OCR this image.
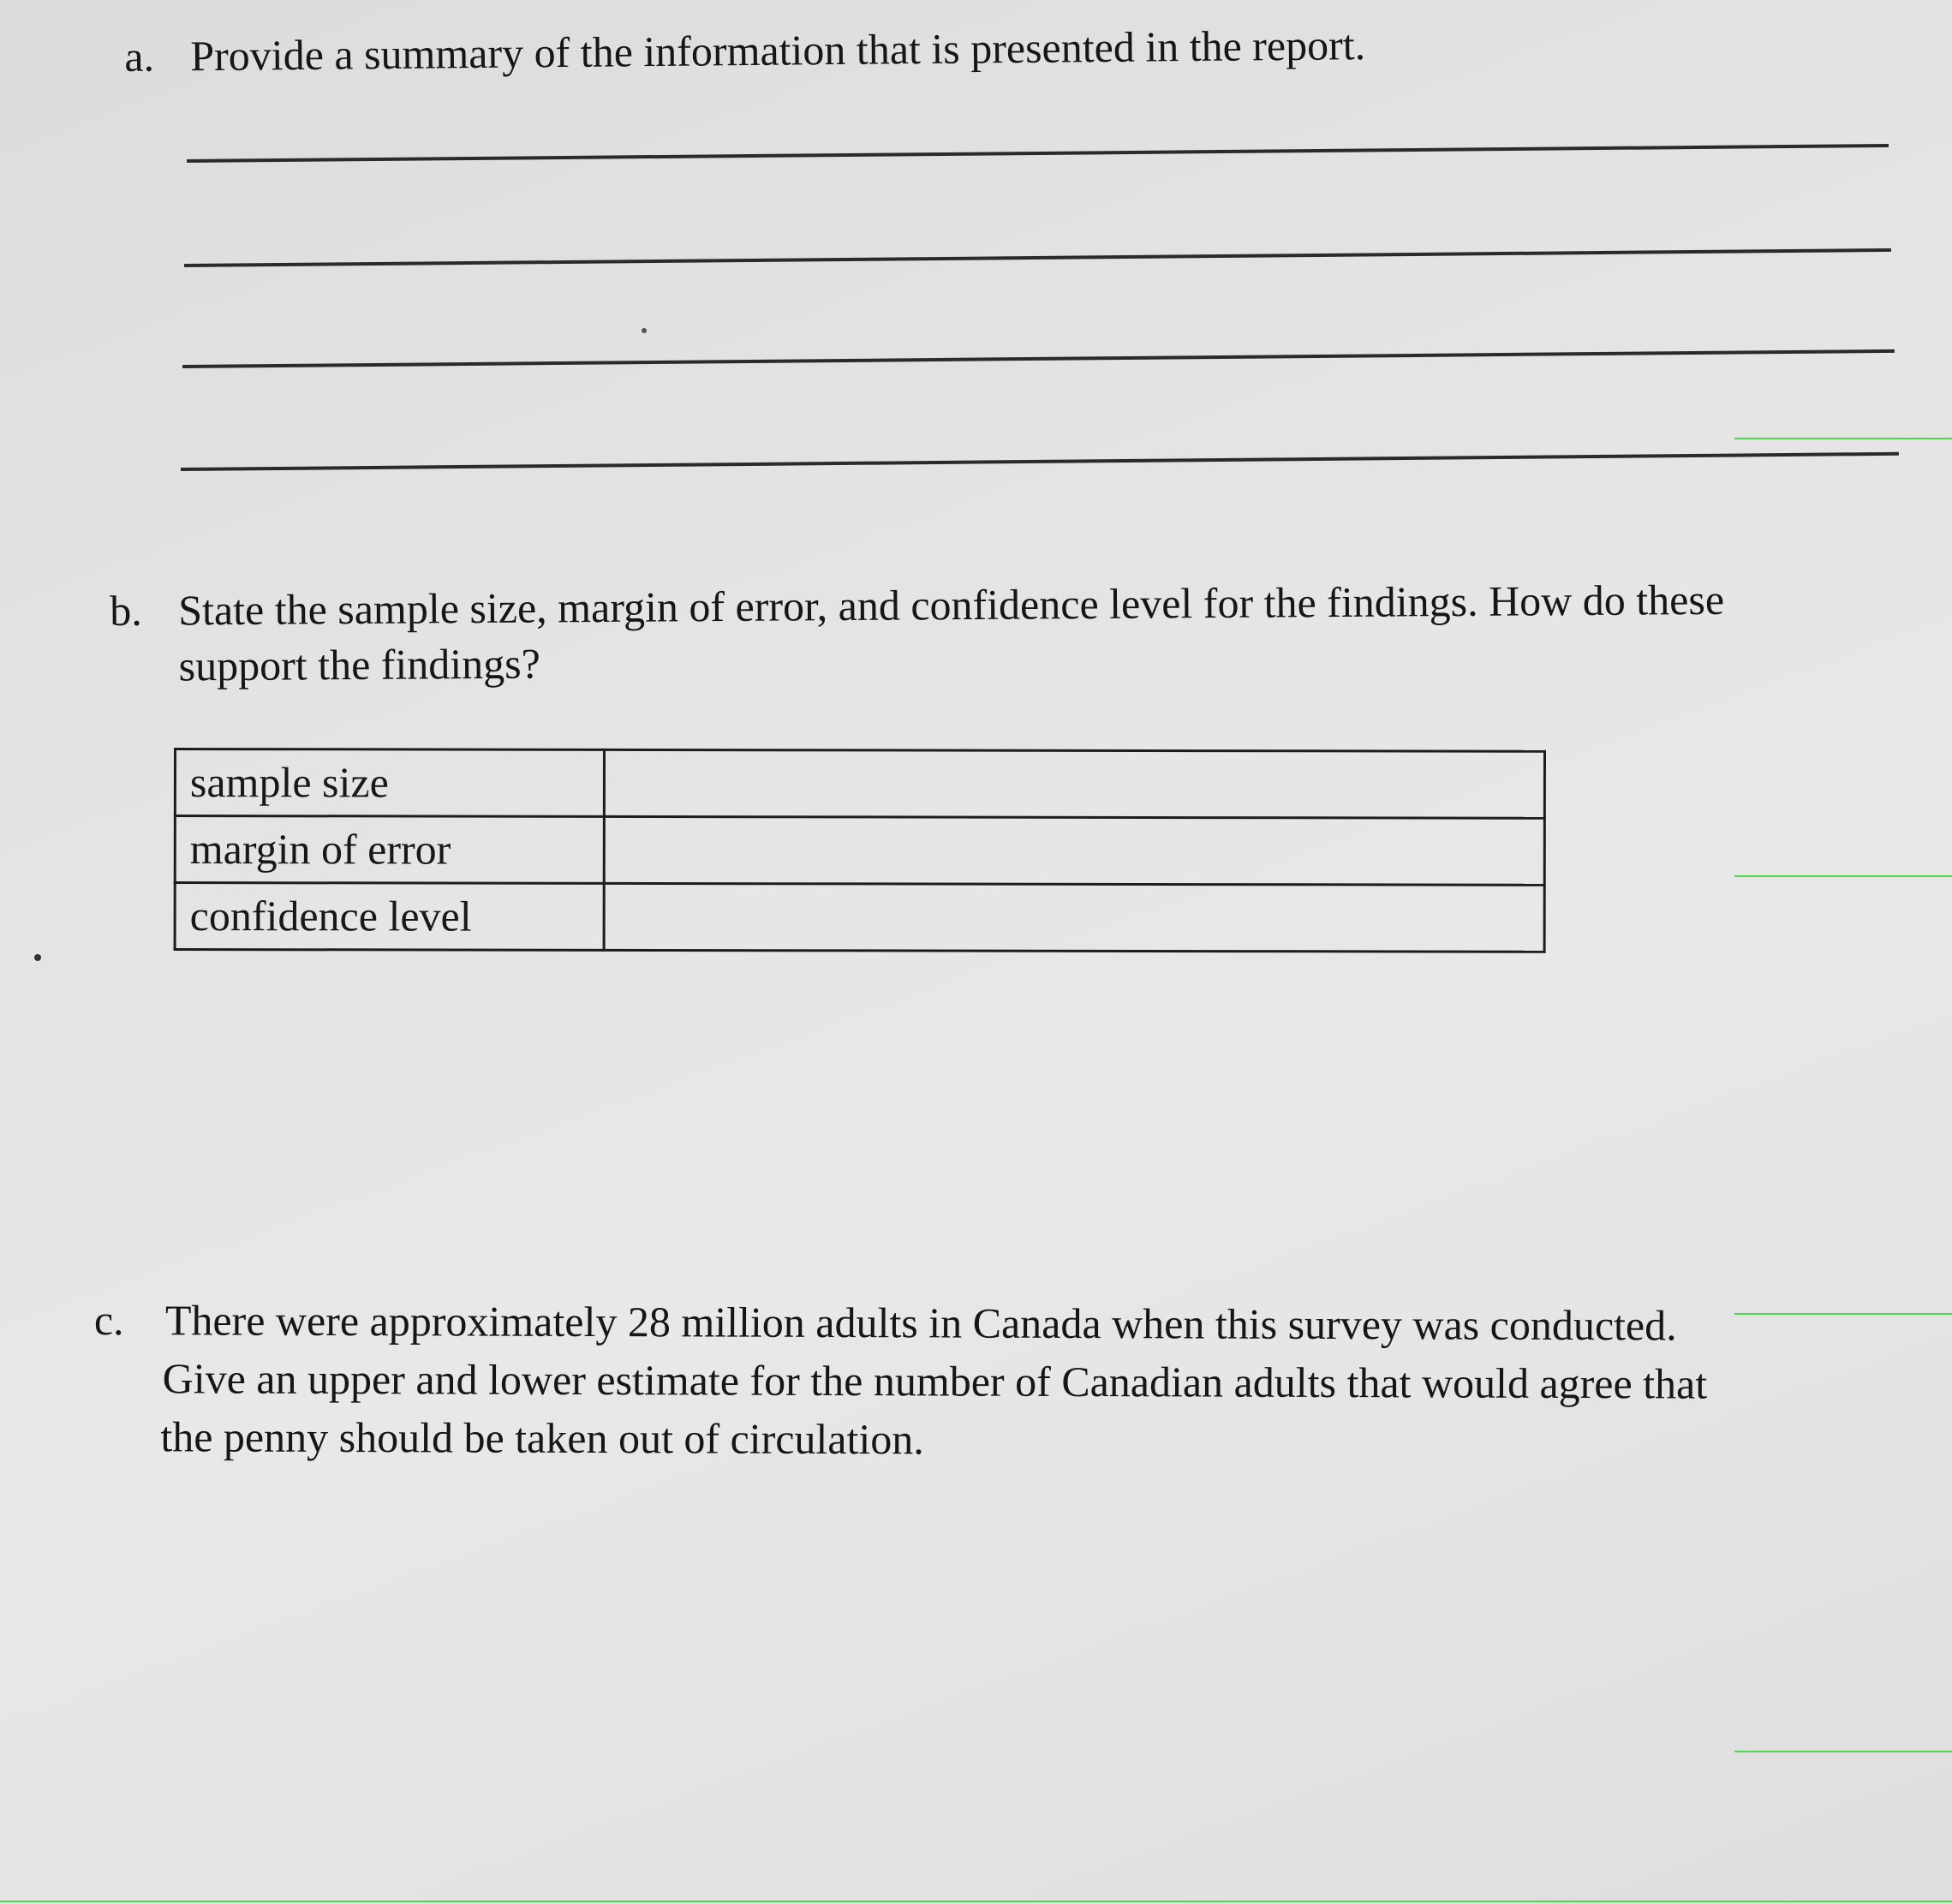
a. Provide a summary of the information that is presented in the report.
b. State the sample size, margin of error, and confidence level for the findings. How do these
support the findings?
sample size	
margin of error	
confidence level	
c. There were approximately 28 million adults in Canada when this survey was conducted.
Give an upper and lower estimate for the number of Canadian adults that would agree that
the penny should be taken out of circulation.
